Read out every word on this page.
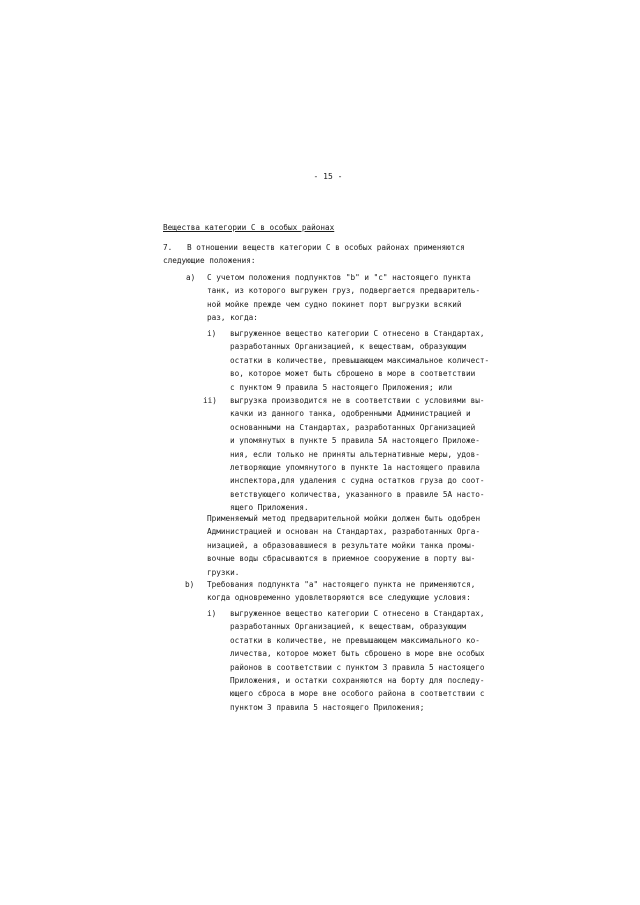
- 15 -
Вещества категории С в особых районах
7. В отношении веществ категории С в особых районах применяются
следующие положения:
а) С учетом положения подпунктов "b" и "с" настоящего пункта
танк, из которого выгружен груз, подвергается предваритель-
ной мойке прежде чем судно покинет порт выгрузки всякий
раз, когда:
i) выгруженное вещество категории С отнесено в Стандартах,
разработанных Организацией, к веществам, образующим
остатки в количестве, превышающем максимальное количест-
во, которое может быть сброшено в море в соответствии
с пунктом 9 правила 5 настоящего Приложения; или
ii) выгрузка производится не в соответствии с условиями вы-
качки из данного танка, одобренными Администрацией и
основанными на Стандартах, разработанных Организацией
и упомянутых в пункте 5 правила 5А настоящего Приложе-
ния, если только не приняты альтернативные меры, удов-
летворяющие упомянутого в пункте 1а настоящего правила
инспектора,для удаления с судна остатков груза до соот-
ветствующего количества, указанного в правиле 5А насто-
ящего Приложения.
Применяемый метод предварительной мойки должен быть одобрен
Администрацией и основан на Стандартах, разработанных Орга-
низацией, а образовавшиеся в результате мойки танка промы-
вочные воды сбрасываются в приемное сооружение в порту вы-
грузки.
b) Требования подпункта "а" настоящего пункта не применяются,
когда одновременно удовлетворяются все следующие условия:
i) выгруженное вещество категории С отнесено в Стандартах,
разработанных Организацией, к веществам, образующим
остатки в количестве, не превышающем максимального ко-
личества, которое может быть сброшено в море вне особых
районов в соответствии с пунктом 3 правила 5 настоящего
Приложения, и остатки сохраняются на борту для последу-
ющего сброса в море вне особого района в соответствии с
пунктом 3 правила 5 настоящего Приложения;
